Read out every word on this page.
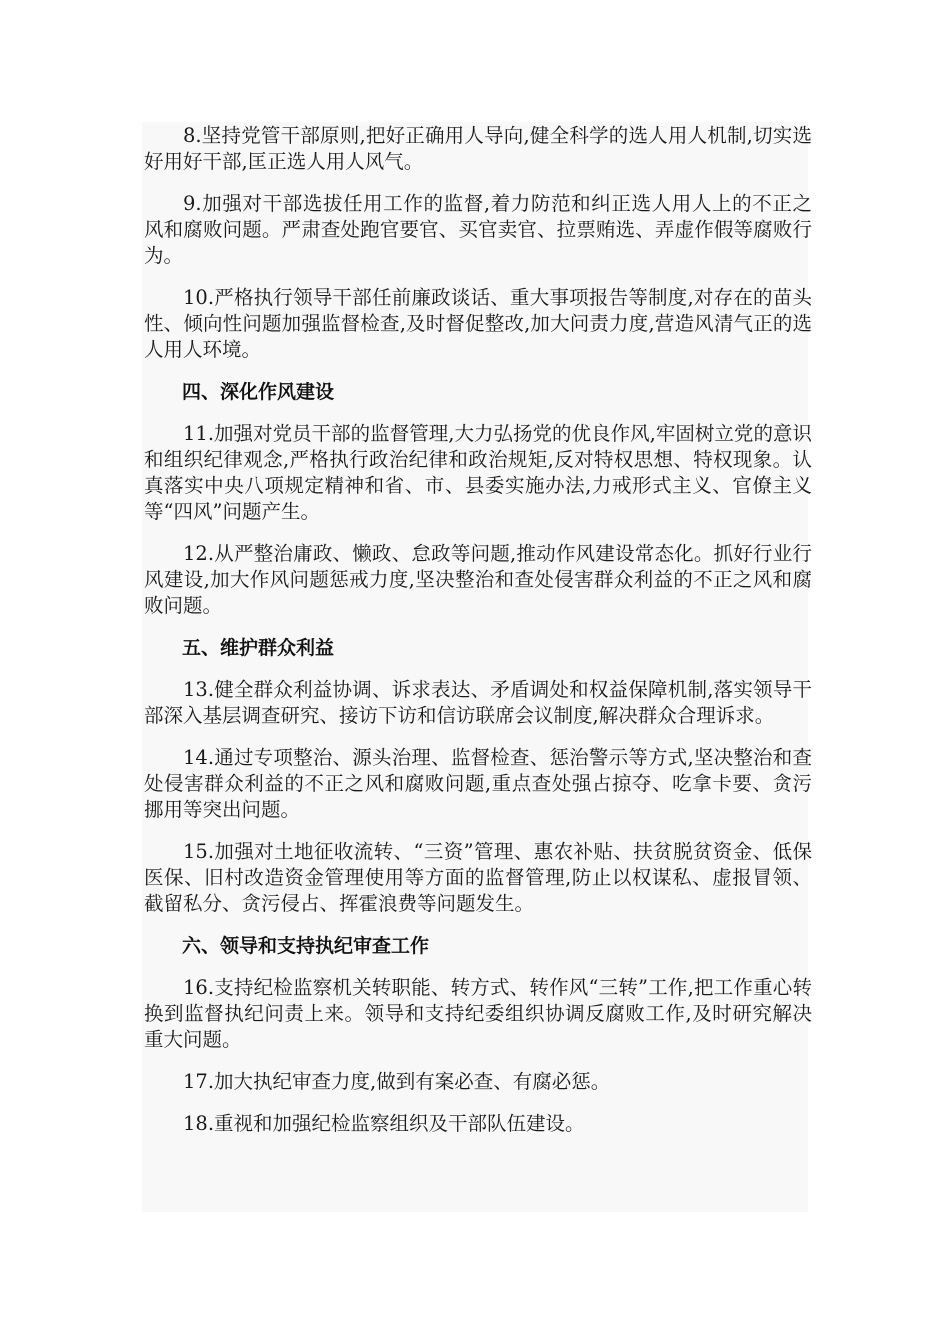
8.坚持党管干部原则,把好正确用人导向,健全科学的选人用人机制,切实选好用好干部,匡正选人用人风气。

9.加强对干部选拔任用工作的监督,着力防范和纠正选人用人上的不正之风和腐败问题。严肃查处跑官要官、买官卖官、拉票贿选、弄虚作假等腐败行为。

10.严格执行领导干部任前廉政谈话、重大事项报告等制度,对存在的苗头性、倾向性问题加强监督检查,及时督促整改,加大问责力度,营造风清气正的选人用人环境。

四、深化作风建设

11.加强对党员干部的监督管理,大力弘扬党的优良作风,牢固树立党的意识和组织纪律观念,严格执行政治纪律和政治规矩,反对特权思想、特权现象。认真落实中央八项规定精神和省、市、县委实施办法,力戒形式主义、官僚主义等“四风”问题产生。

12.从严整治庸政、懒政、怠政等问题,推动作风建设常态化。抓好行业行风建设,加大作风问题惩戒力度,坚决整治和查处侵害群众利益的不正之风和腐败问题。

五、维护群众利益

13.健全群众利益协调、诉求表达、矛盾调处和权益保障机制,落实领导干部深入基层调查研究、接访下访和信访联席会议制度,解决群众合理诉求。

14.通过专项整治、源头治理、监督检查、惩治警示等方式,坚决整治和查处侵害群众利益的不正之风和腐败问题,重点查处强占掠夺、吃拿卡要、贪污挪用等突出问题。

15.加强对土地征收流转、“三资”管理、惠农补贴、扶贫脱贫资金、低保医保、旧村改造资金管理使用等方面的监督管理,防止以权谋私、虚报冒领、截留私分、贪污侵占、挥霍浪费等问题发生。

六、领导和支持执纪审查工作

16.支持纪检监察机关转职能、转方式、转作风“三转”工作,把工作重心转换到监督执纪问责上来。领导和支持纪委组织协调反腐败工作,及时研究解决重大问题。

17.加大执纪审查力度,做到有案必查、有腐必惩。

18.重视和加强纪检监察组织及干部队伍建设。
